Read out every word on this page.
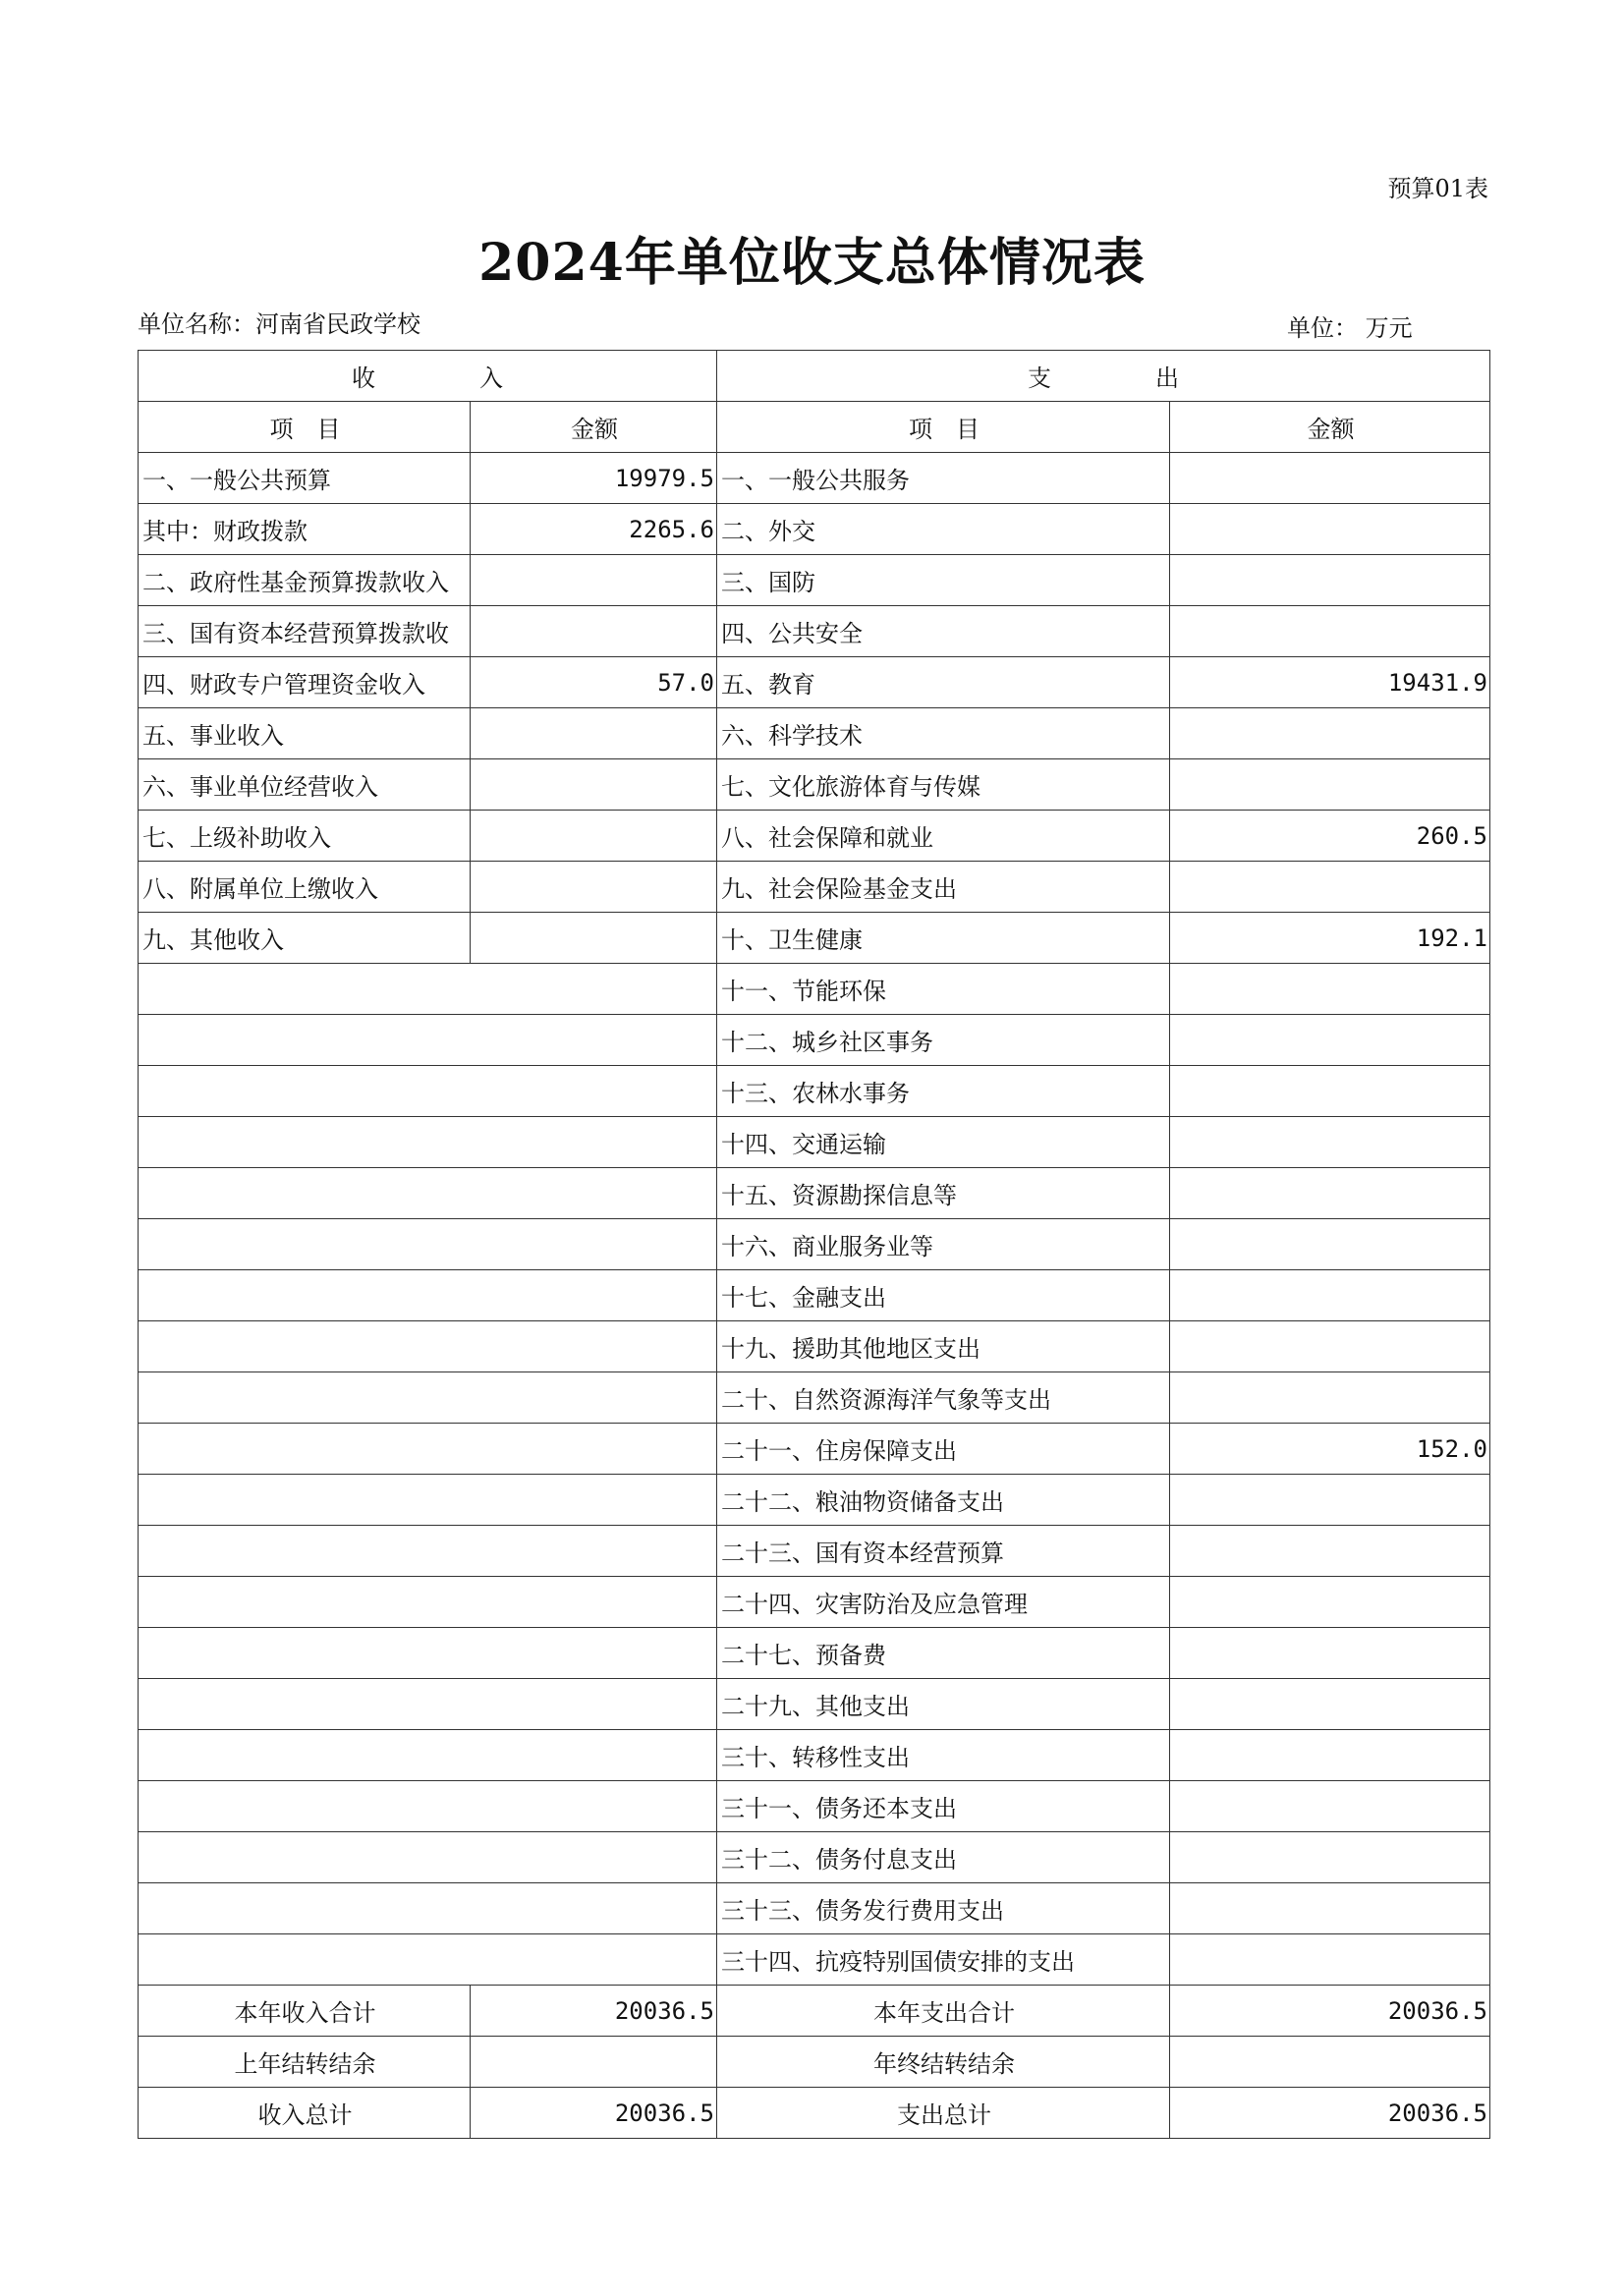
预算01表
2024年单位收支总体情况表
单位名称：河南省民政学校	单位： 万元
收　　　　入		支　　　　出	
项　目	金额	项　目	金额
一、一般公共预算	19979.5	一、一般公共服务	
其中：财政拨款	2265.6	二、外交	
二、政府性基金预算拨款收入		三、国防	
三、国有资本经营预算拨款收		四、公共安全	
四、财政专户管理资金收入	57.0	五、教育	19431.9
五、事业收入		六、科学技术	
六、事业单位经营收入		七、文化旅游体育与传媒	
七、上级补助收入		八、社会保障和就业	260.5
八、附属单位上缴收入		九、社会保险基金支出	
九、其他收入		十、卫生健康	192.1
		十一、节能环保	
		十二、城乡社区事务	
		十三、农林水事务	
		十四、交通运输	
		十五、资源勘探信息等	
		十六、商业服务业等	
		十七、金融支出	
		十九、援助其他地区支出	
		二十、自然资源海洋气象等支出	
		二十一、住房保障支出	152.0
		二十二、粮油物资储备支出	
		二十三、国有资本经营预算	
		二十四、灾害防治及应急管理	
		二十七、预备费	
		二十九、其他支出	
		三十、转移性支出	
		三十一、债务还本支出	
		三十二、债务付息支出	
		三十三、债务发行费用支出	
		三十四、抗疫特别国债安排的支出	
本年收入合计	20036.5	本年支出合计	20036.5
上年结转结余		年终结转结余	
收入总计	20036.5	支出总计	20036.5
